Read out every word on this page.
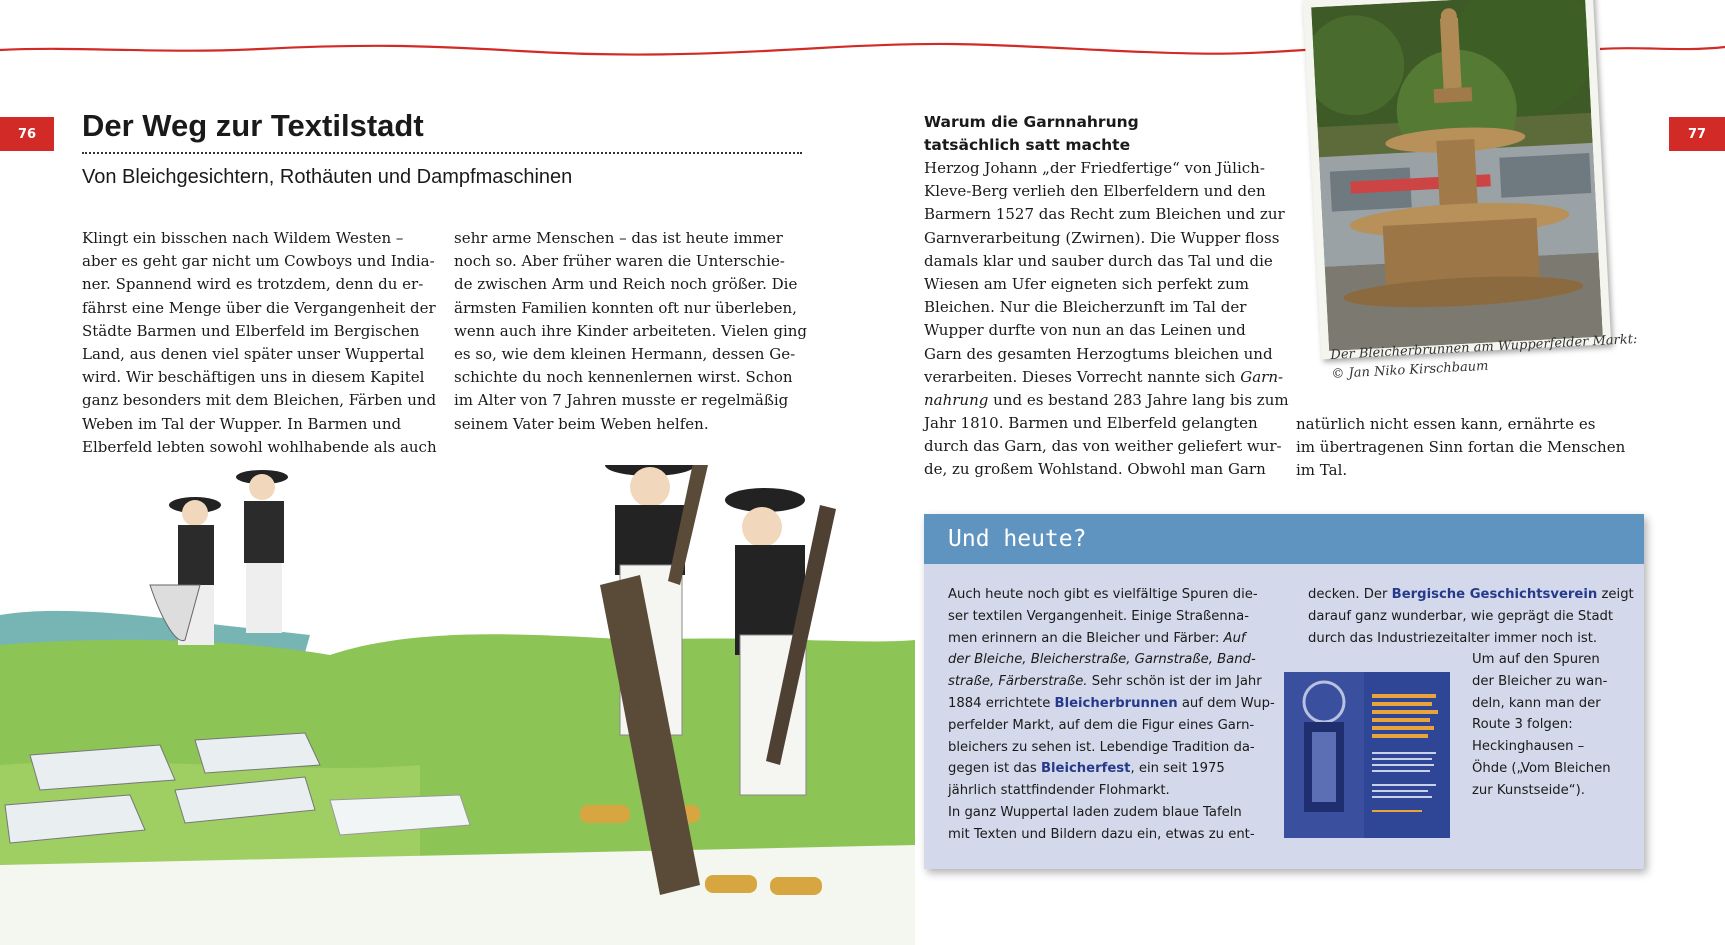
76	77
Der Weg zur Textilstadt
Von Bleichgesichtern, Rothäuten und Dampfmaschinen
Klingt ein bisschen nach Wildem Westen –
aber es geht gar nicht um Cowboys und India-
ner. Spannend wird es trotzdem, denn du er-
fährst eine Menge über die Vergangenheit der
Städte Barmen und Elberfeld im Bergischen
Land, aus denen viel später unser Wuppertal
wird. Wir beschäftigen uns in diesem Kapitel
ganz besonders mit dem Bleichen, Färben und
Weben im Tal der Wupper. In Barmen und
Elberfeld lebten sowohl wohlhabende als auch
sehr arme Menschen – das ist heute immer
noch so. Aber früher waren die Unterschie-
de zwischen Arm und Reich noch größer. Die
ärmsten Familien konnten oft nur überleben,
wenn auch ihre Kinder arbeiteten. Vielen ging
es so, wie dem kleinen Hermann, dessen Ge-
schichte du noch kennenlernen wirst. Schon
im Alter von 7 Jahren musste er regelmäßig
seinem Vater beim Weben helfen.
Warum die Garnnahrung
tatsächlich satt machte
Herzog Johann „der Friedfertige“ von Jülich-
Kleve-Berg verlieh den Elberfeldern und den
Barmern 1527 das Recht zum Bleichen und zur
Garnverarbeitung (Zwirnen). Die Wupper floss
damals klar und sauber durch das Tal und die
Wiesen am Ufer eigneten sich perfekt zum
Bleichen. Nur die Bleicherzunft im Tal der
Wupper durfte von nun an das Leinen und
Garn des gesamten Herzogtums bleichen und
verarbeiten. Dieses Vorrecht nannte sich Garn-
nahrung und es bestand 283 Jahre lang bis zum
Jahr 1810. Barmen und Elberfeld gelangten
durch das Garn, das von weither geliefert wur-
de, zu großem Wohlstand. Obwohl man Garn
natürlich nicht essen kann, ernährte es
im übertragenen Sinn fortan die Menschen
im Tal.
Der Bleicherbrunnen am Wupperfelder Markt:
© Jan Niko Kirschbaum
Und heute?
Auch heute noch gibt es vielfältige Spuren die-
ser textilen Vergangenheit. Einige Straßenna-
men erinnern an die Bleicher und Färber: Auf
der Bleiche, Bleicherstraße, Garnstraße, Band-
straße, Färberstraße. Sehr schön ist der im Jahr
1884 errichtete Bleicherbrunnen auf dem Wup-
perfelder Markt, auf dem die Figur eines Garn-
bleichers zu sehen ist. Lebendige Tradition da-
gegen ist das Bleicherfest, ein seit 1975
jährlich stattfindender Flohmarkt.
In ganz Wuppertal laden zudem blaue Tafeln
mit Texten und Bildern dazu ein, etwas zu ent-
decken. Der Bergische Geschichtsverein zeigt
darauf ganz wunderbar, wie geprägt die Stadt
durch das Industriezeitalter immer noch ist.
Um auf den Spuren
der Bleicher zu wan-
deln, kann man der
Route 3 folgen:
Heckinghausen –
Öhde („Vom Bleichen
zur Kunstseide“).
